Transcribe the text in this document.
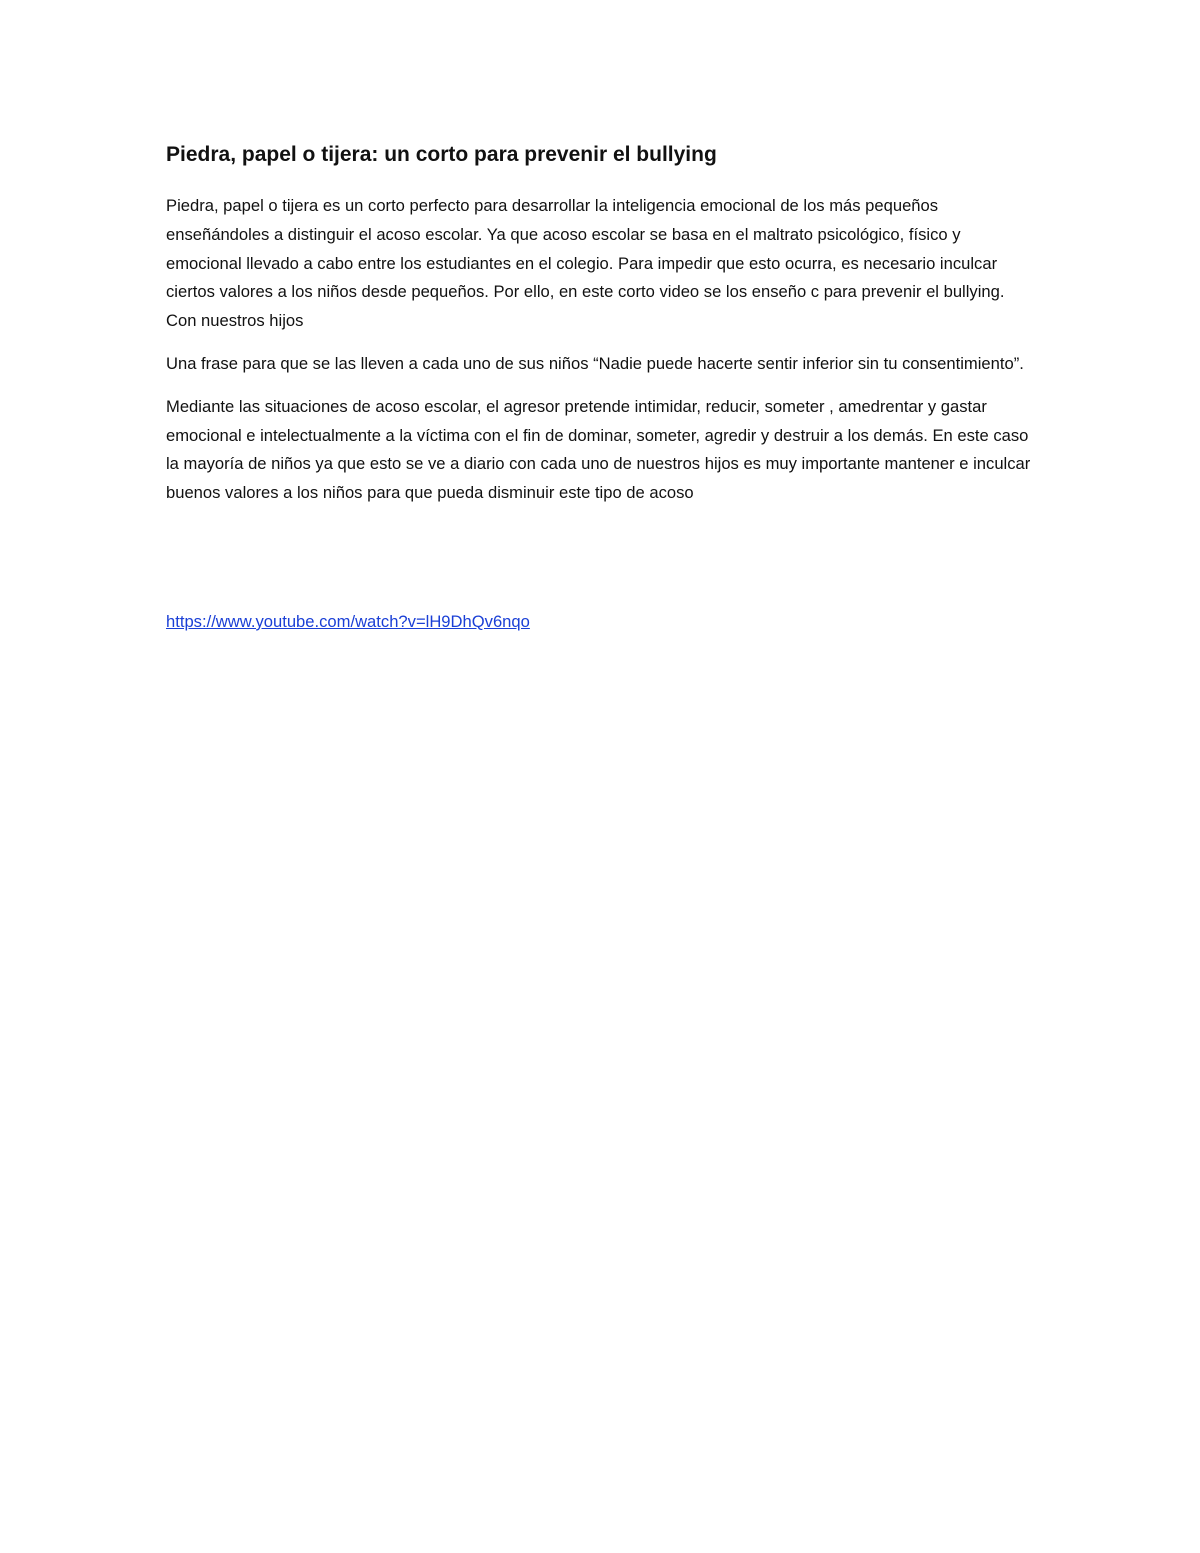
Piedra, papel o tijera: un corto para prevenir el bullying

Piedra, papel o tijera es un corto perfecto para desarrollar la inteligencia emocional de los más pequeños enseñándoles a distinguir el acoso escolar. Ya que acoso escolar se basa en el maltrato psicológico, físico y emocional llevado a cabo entre los estudiantes en el colegio. Para impedir que esto ocurra, es necesario inculcar ciertos valores a los niños desde pequeños. Por ello, en este corto video se los enseño c para prevenir el bullying. Con nuestros hijos

Una frase para que se las lleven a cada uno de sus niños “Nadie puede hacerte sentir inferior sin tu consentimiento”.

Mediante las situaciones de acoso escolar, el agresor pretende intimidar, reducir, someter , amedrentar y gastar emocional e intelectualmente a la víctima con el fin de dominar, someter, agredir y destruir a los demás. En este caso la mayoría de niños ya que esto se ve a diario con cada uno de nuestros hijos es muy importante mantener e inculcar buenos valores a los niños para que pueda disminuir este tipo de acoso

https://www.youtube.com/watch?v=lH9DhQv6nqo
